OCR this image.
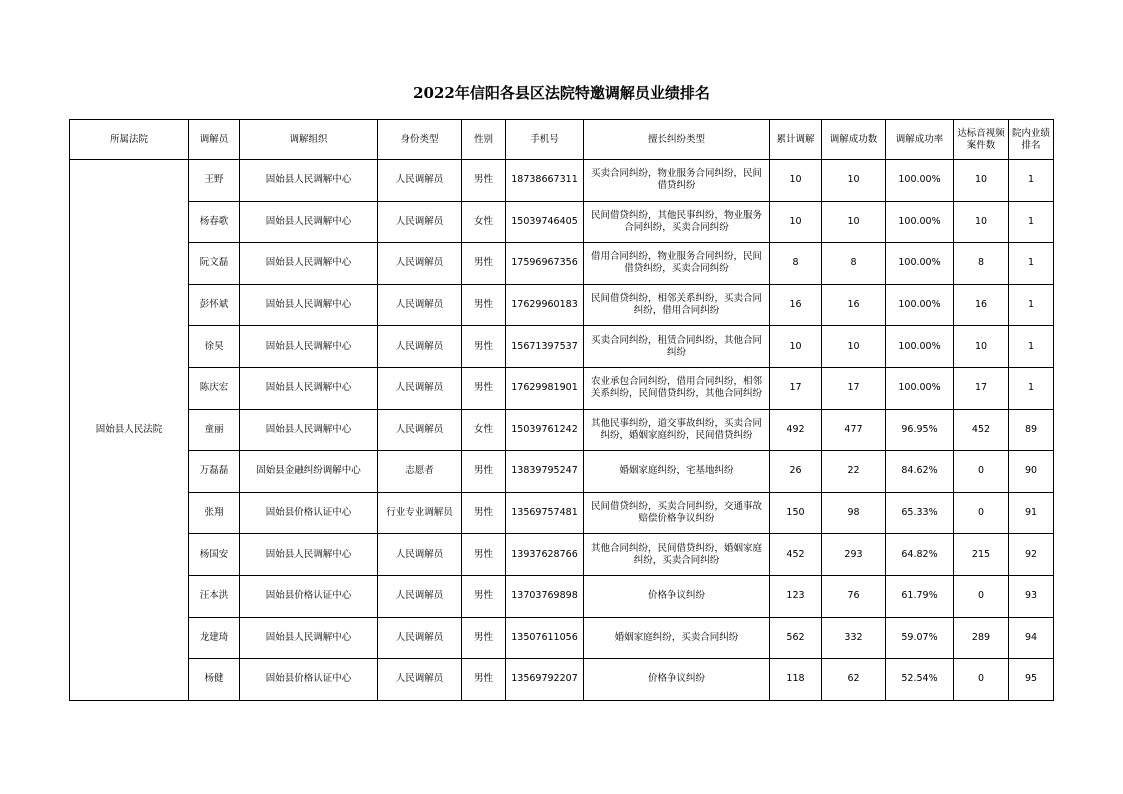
2022年信阳各县区法院特邀调解员业绩排名
所属法院	调解员	调解组织	身份类型	性别	手机号	擅长纠纷类型	累计调解	调解成功数	调解成功率	达标音视频案件数	院内业绩排名
固始县人民法院	王野	固始县人民调解中心	人民调解员	男性	18738667311	买卖合同纠纷，物业服务合同纠纷，民间借贷纠纷	10	10	100.00%	10	1
	杨春歌	固始县人民调解中心	人民调解员	女性	15039746405	民间借贷纠纷，其他民事纠纷，物业服务合同纠纷，买卖合同纠纷	10	10	100.00%	10	1
	阮文磊	固始县人民调解中心	人民调解员	男性	17596967356	借用合同纠纷，物业服务合同纠纷，民间借贷纠纷，买卖合同纠纷	8	8	100.00%	8	1
	彭怀斌	固始县人民调解中心	人民调解员	男性	17629960183	民间借贷纠纷，相邻关系纠纷，买卖合同纠纷，借用合同纠纷	16	16	100.00%	16	1
	徐昊	固始县人民调解中心	人民调解员	男性	15671397537	买卖合同纠纷，租赁合同纠纷，其他合同纠纷	10	10	100.00%	10	1
	陈庆宏	固始县人民调解中心	人民调解员	男性	17629981901	农业承包合同纠纷，借用合同纠纷，相邻关系纠纷，民间借贷纠纷，其他合同纠纷	17	17	100.00%	17	1
	童丽	固始县人民调解中心	人民调解员	女性	15039761242	其他民事纠纷，道交事故纠纷，买卖合同纠纷，婚姻家庭纠纷，民间借贷纠纷	492	477	96.95%	452	89
	万磊磊	固始县金融纠纷调解中心	志愿者	男性	13839795247	婚姻家庭纠纷，宅基地纠纷	26	22	84.62%	0	90
	张翔	固始县价格认证中心	行业专业调解员	男性	13569757481	民间借贷纠纷，买卖合同纠纷，交通事故赔偿价格争议纠纷	150	98	65.33%	0	91
	杨国安	固始县人民调解中心	人民调解员	男性	13937628766	其他合同纠纷，民间借贷纠纷，婚姻家庭纠纷，买卖合同纠纷	452	293	64.82%	215	92
	汪本洪	固始县价格认证中心	人民调解员	男性	13703769898	价格争议纠纷	123	76	61.79%	0	93
	龙建琦	固始县人民调解中心	人民调解员	男性	13507611056	婚姻家庭纠纷，买卖合同纠纷	562	332	59.07%	289	94
	杨健	固始县价格认证中心	人民调解员	男性	13569792207	价格争议纠纷	118	62	52.54%	0	95
